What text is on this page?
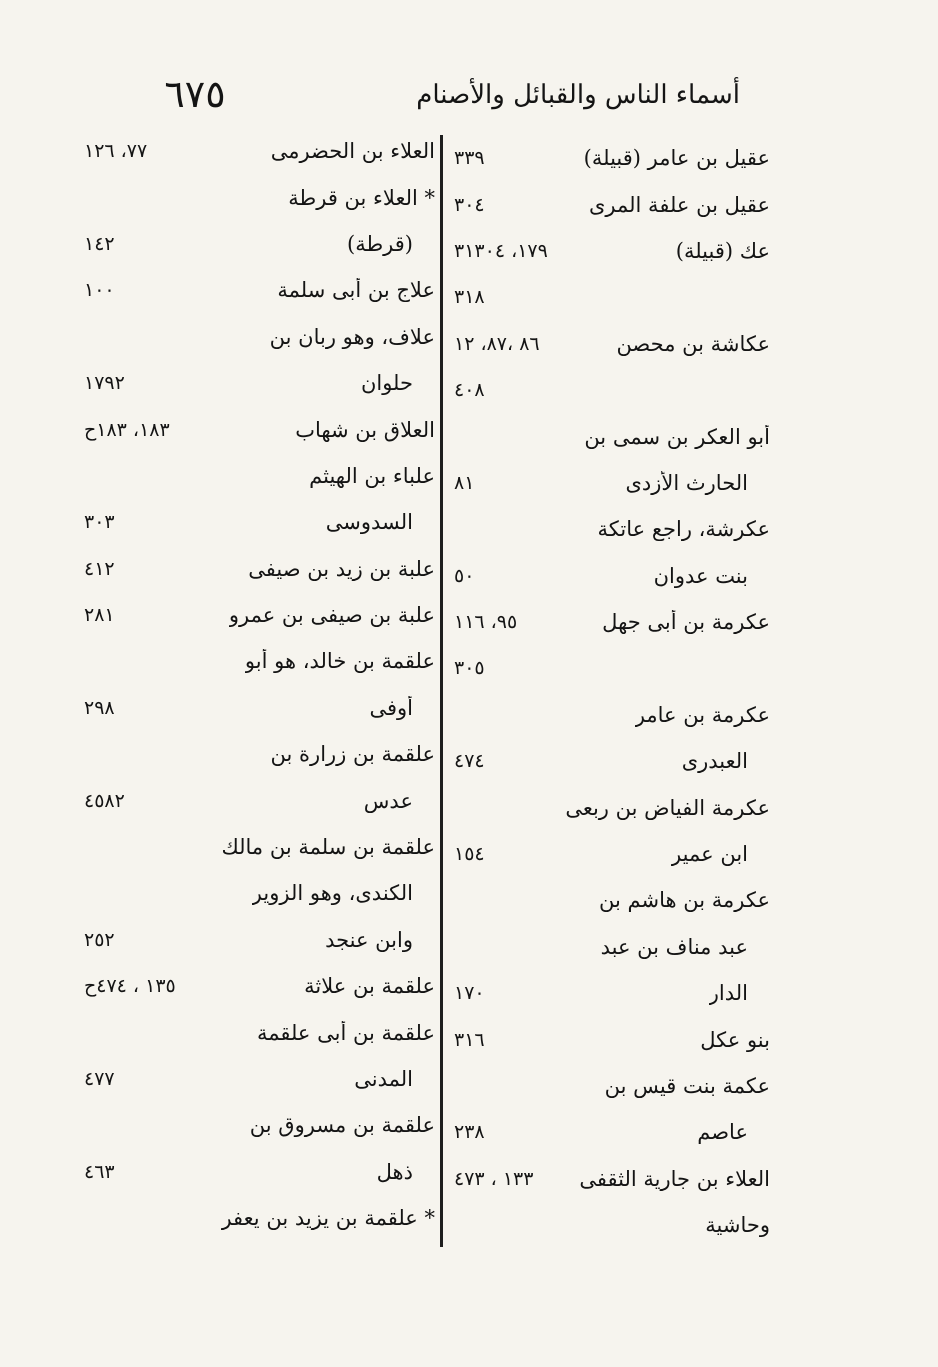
٦٧٥	أسماء الناس والقبائل والأصنام
عقيل بن عامر (قبيلة)
٣٣٩
عقيل بن علفة المرى
٣٠٤
عك (قبيلة)
١٧٩، ٣١٣٠٤
٣١٨
عكاشة بن محصن
٨٦ ،٨٧، ١٢
٤٠٨
أبو العكر بن سمى بن
الحارث الأزدى
٨١
عكرشة، راجع عاتكة
بنت عدوان
٥٠
عكرمة بن أبى جهل
٩٥، ١١٦
٣٠٥
عكرمة بن عامر
العبدرى
٤٧٤
عكرمة الفياض بن ربعى
ابن عمير
١٥٤
عكرمة بن هاشم بن
عبد مناف بن عبد
الدار
١٧٠
بنو عكل
٣١٦
عكمة بنت قيس بن
عاصم
٢٣٨
العلاء بن جارية الثقفى
١٣٣ ، ٤٧٣
وحاشية
العلاء بن الحضرمى
٧٧، ١٢٦
* العلاء بن قرطة
(قرطة)
١٤٢
علاج بن أبى سلمة
١٠٠
علاف، وهو ربان بن
حلوان
١٧٩٢
العلاق بن شهاب
١٨٣، ١٨٣ح
علباء بن الهيثم
السدوسى
٣٠٣
علبة بن زيد بن صيفى
٤١٢
علبة بن صيفى بن عمرو
٢٨١
علقمة بن خالد، هو أبو
أوفى
٢٩٨
علقمة بن زرارة بن
عدس
٤٥٨٢
علقمة بن سلمة بن مالك
الكندى، وهو الزوير
وابن عنجد
٢٥٢
علقمة بن علاثة
١٣٥ ، ٤٧٤ح
علقمة بن أبى علقمة
المدنى
٤٧٧
علقمة بن مسروق بن
ذهل
٤٦٣
* علقمة بن يزيد بن يعفر
